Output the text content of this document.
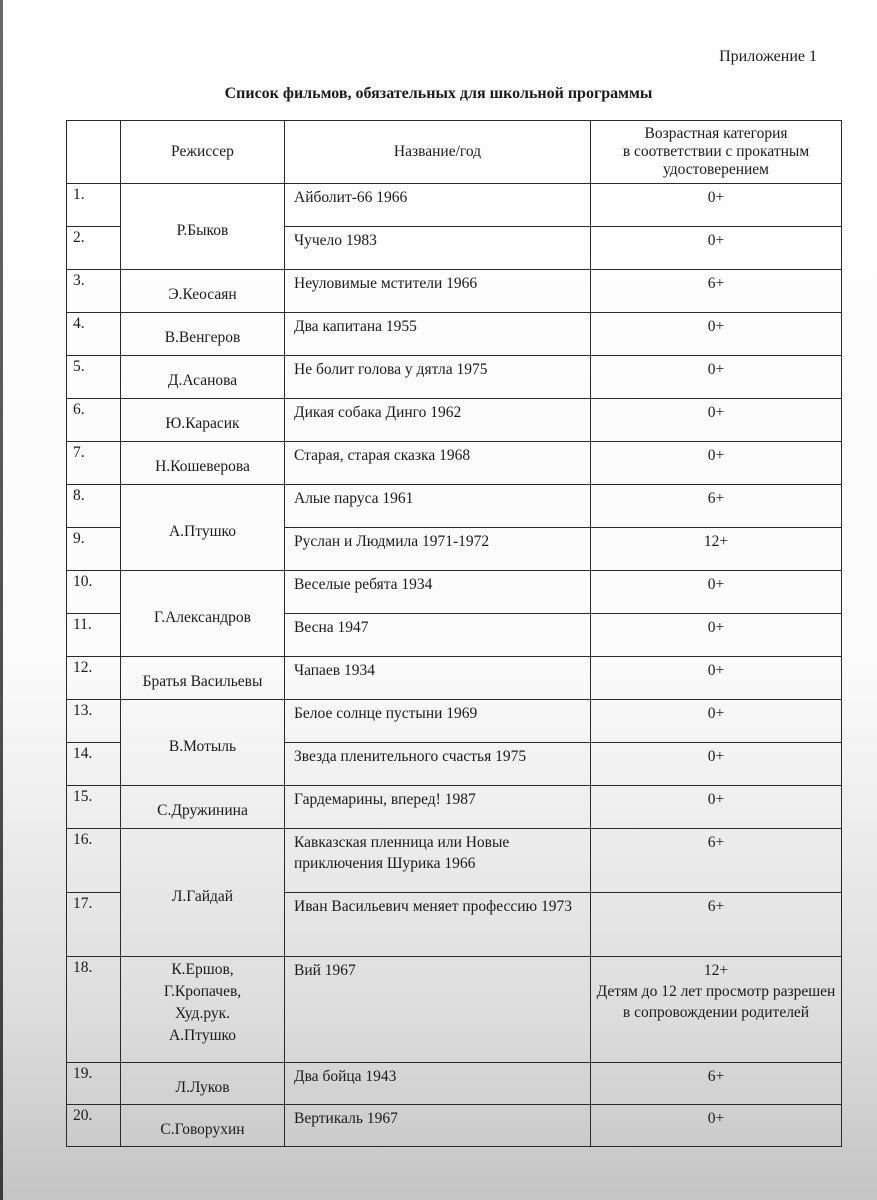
Приложение 1
Список фильмов, обязательных для школьной программы
	Режиссер	Название/год	Возрастная категория
в соответствии с прокатным
удостоверением
1.	Р.Быков	Айболит-66 1966	0+
2.		Чучело 1983	0+
3.	Э.Кеосаян	Неуловимые мстители 1966	6+
4.	В.Венгеров	Два капитана 1955	0+
5.	Д.Асанова	Не болит голова у дятла 1975	0+
6.	Ю.Карасик	Дикая собака Динго 1962	0+
7.	Н.Кошеверова	Старая, старая сказка 1968	0+
8.	А.Птушко	Алые паруса 1961	6+
9.		Руслан и Людмила 1971-1972	12+
10.	Г.Александров	Веселые ребята 1934	0+
11.		Весна 1947	0+
12.	Братья Васильевы	Чапаев 1934	0+
13.	В.Мотыль	Белое солнце пустыни 1969	0+
14.		Звезда пленительного счастья 1975	0+
15.	С.Дружинина	Гардемарины, вперед! 1987	0+
16.	Л.Гайдай	Кавказская пленница или Новые приключения Шурика 1966	6+
17.		Иван Васильевич меняет профессию 1973	6+
18.	К.Ершов,
Г.Кропачев,
Худ.рук.
А.Птушко	Вий 1967	12+
Детям до 12 лет просмотр разрешен в сопровождении родителей
19.	Л.Луков	Два бойца 1943	6+
20.	С.Говорухин	Вертикаль 1967	0+
